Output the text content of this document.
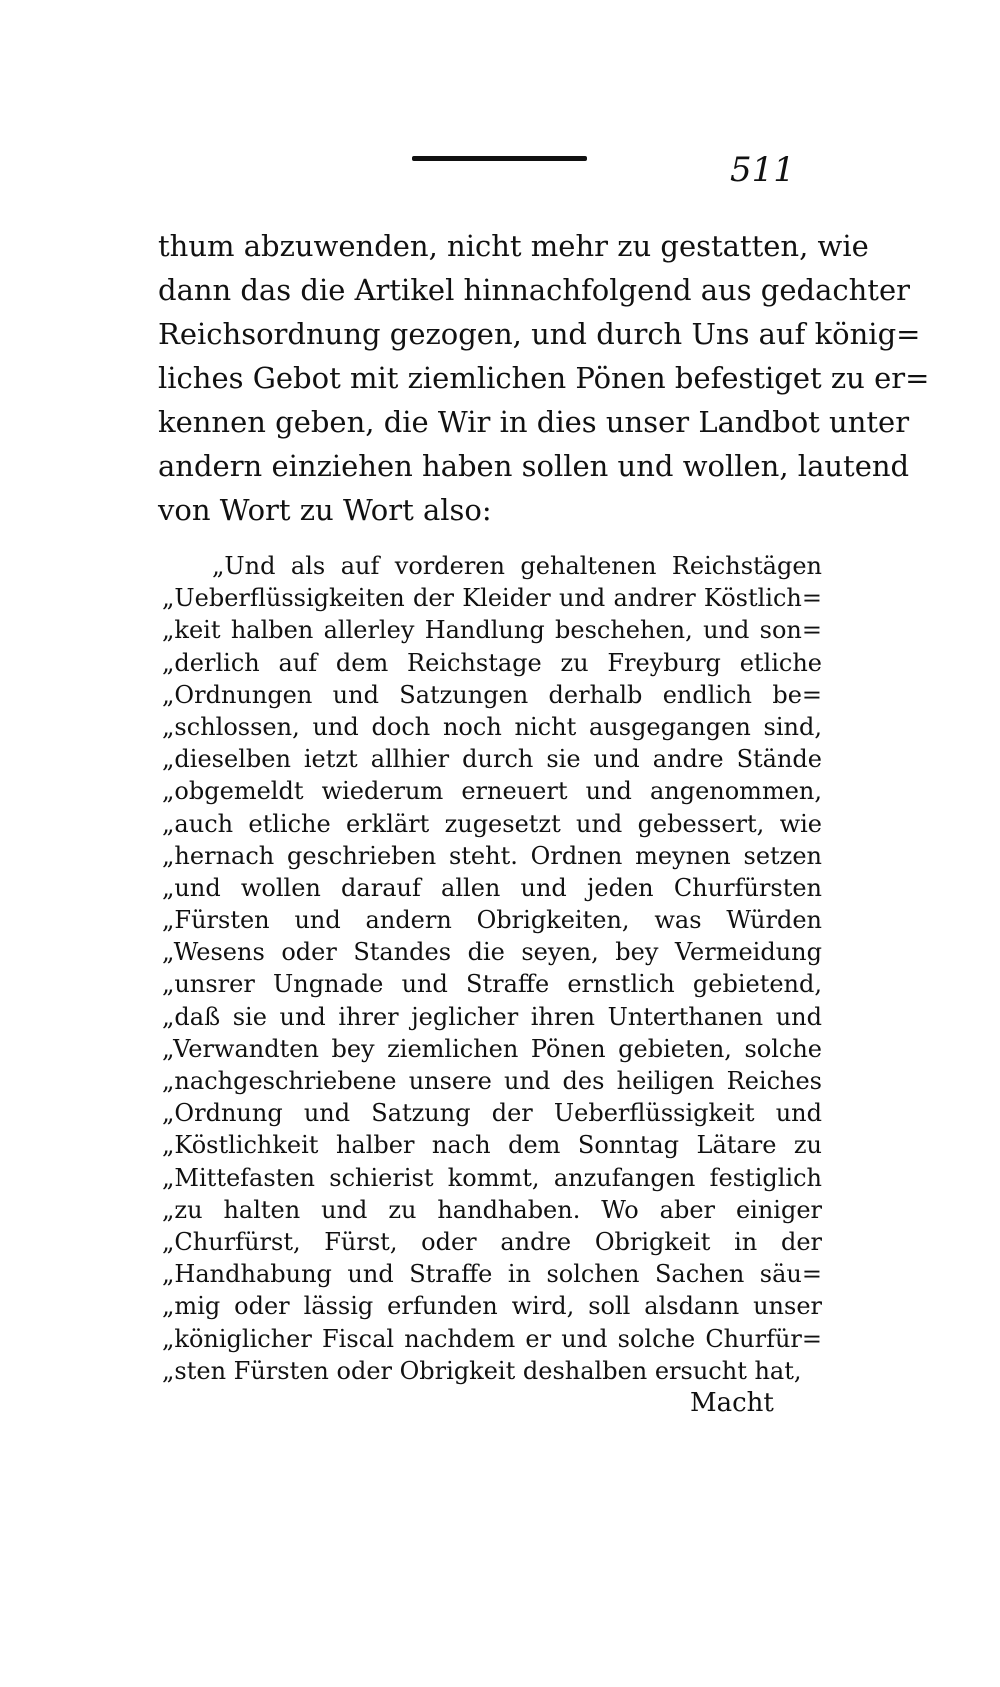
511
thum abzuwenden, nicht mehr zu gestatten, wie
dann das die Artikel hinnachfolgend aus gedachter
Reichsordnung gezogen, und durch Uns auf könig=
liches Gebot mit ziemlichen Pönen befestiget zu er=
kennen geben, die Wir in dies unser Landbot unter
andern einziehen haben sollen und wollen, lautend
von Wort zu Wort also:
„Und als auf vorderen gehaltenen Reichstägen
„Ueberflüssigkeiten der Kleider und andrer Köstlich=
„keit halben allerley Handlung beschehen, und son=
„derlich auf dem Reichstage zu Freyburg etliche
„Ordnungen und Satzungen derhalb endlich be=
„schlossen, und doch noch nicht ausgegangen sind,
„dieselben ietzt allhier durch sie und andre Stände
„obgemeldt wiederum erneuert und angenommen,
„auch etliche erklärt zugesetzt und gebessert, wie
„hernach geschrieben steht. Ordnen meynen setzen
„und wollen darauf allen und jeden Churfürsten
„Fürsten und andern Obrigkeiten, was Würden
„Wesens oder Standes die seyen, bey Vermeidung
„unsrer Ungnade und Straffe ernstlich gebietend,
„daß sie und ihrer jeglicher ihren Unterthanen und
„Verwandten bey ziemlichen Pönen gebieten, solche
„nachgeschriebene unsere und des heiligen Reiches
„Ordnung und Satzung der Ueberflüssigkeit und
„Köstlichkeit halber nach dem Sonntag Lätare zu
„Mittefasten schierist kommt, anzufangen festiglich
„zu halten und zu handhaben. Wo aber einiger
„Churfürst, Fürst, oder andre Obrigkeit in der
„Handhabung und Straffe in solchen Sachen säu=
„mig oder lässig erfunden wird, soll alsdann unser
„königlicher Fiscal nachdem er und solche Churfür=
„sten Fürsten oder Obrigkeit deshalben ersucht hat,
Macht
